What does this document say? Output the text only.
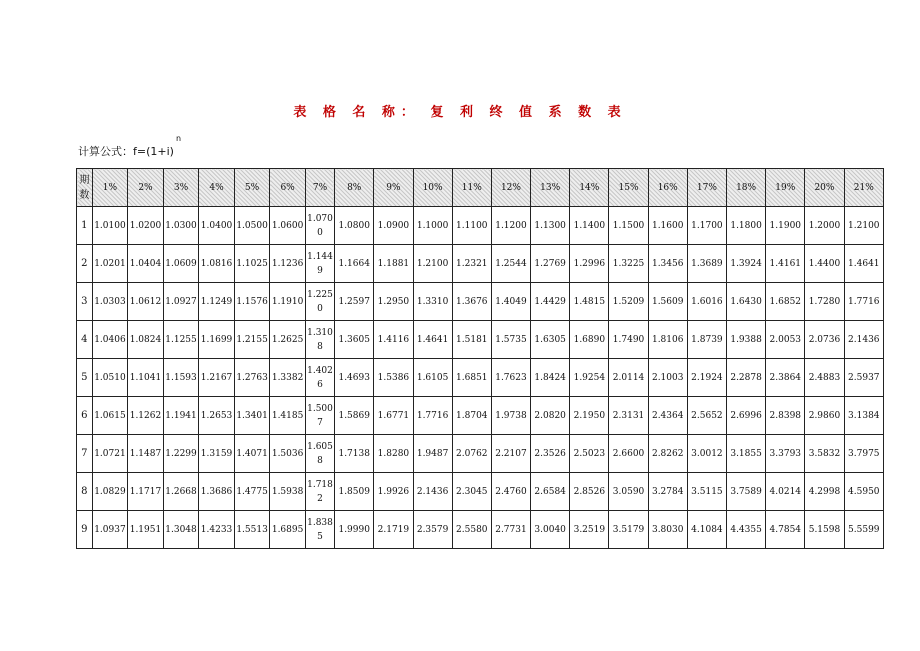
表 格 名 称： 复 利 终 值 系 数 表
计算公式：$f=(1+i)^n$
期数	1%	2%	3%	4%	5%	6%	7%	8%	9%	10%	11%	12%	13%	14%	15%	16%	17%	18%	19%	20%	21%
1	1.0100	1.0200	1.0300	1.0400	1.0500	1.0600	1.0700	1.0800	1.0900	1.1000	1.1100	1.1200	1.1300	1.1400	1.1500	1.1600	1.1700	1.1800	1.1900	1.2000	1.2100
2	1.0201	1.0404	1.0609	1.0816	1.1025	1.1236	1.1449	1.1664	1.1881	1.2100	1.2321	1.2544	1.2769	1.2996	1.3225	1.3456	1.3689	1.3924	1.4161	1.4400	1.4641
3	1.0303	1.0612	1.0927	1.1249	1.1576	1.1910	1.2250	1.2597	1.2950	1.3310	1.3676	1.4049	1.4429	1.4815	1.5209	1.5609	1.6016	1.6430	1.6852	1.7280	1.7716
4	1.0406	1.0824	1.1255	1.1699	1.2155	1.2625	1.3108	1.3605	1.4116	1.4641	1.5181	1.5735	1.6305	1.6890	1.7490	1.8106	1.8739	1.9388	2.0053	2.0736	2.1436
5	1.0510	1.1041	1.1593	1.2167	1.2763	1.3382	1.4026	1.4693	1.5386	1.6105	1.6851	1.7623	1.8424	1.9254	2.0114	2.1003	2.1924	2.2878	2.3864	2.4883	2.5937
6	1.0615	1.1262	1.1941	1.2653	1.3401	1.4185	1.5007	1.5869	1.6771	1.7716	1.8704	1.9738	2.0820	2.1950	2.3131	2.4364	2.5652	2.6996	2.8398	2.9860	3.1384
7	1.0721	1.1487	1.2299	1.3159	1.4071	1.5036	1.6058	1.7138	1.8280	1.9487	2.0762	2.2107	2.3526	2.5023	2.6600	2.8262	3.0012	3.1855	3.3793	3.5832	3.7975
8	1.0829	1.1717	1.2668	1.3686	1.4775	1.5938	1.7182	1.8509	1.9926	2.1436	2.3045	2.4760	2.6584	2.8526	3.0590	3.2784	3.5115	3.7589	4.0214	4.2998	4.5950
9	1.0937	1.1951	1.3048	1.4233	1.5513	1.6895	1.8385	1.9990	2.1719	2.3579	2.5580	2.7731	3.0040	3.2519	3.5179	3.8030	4.1084	4.4355	4.7854	5.1598	5.5599
